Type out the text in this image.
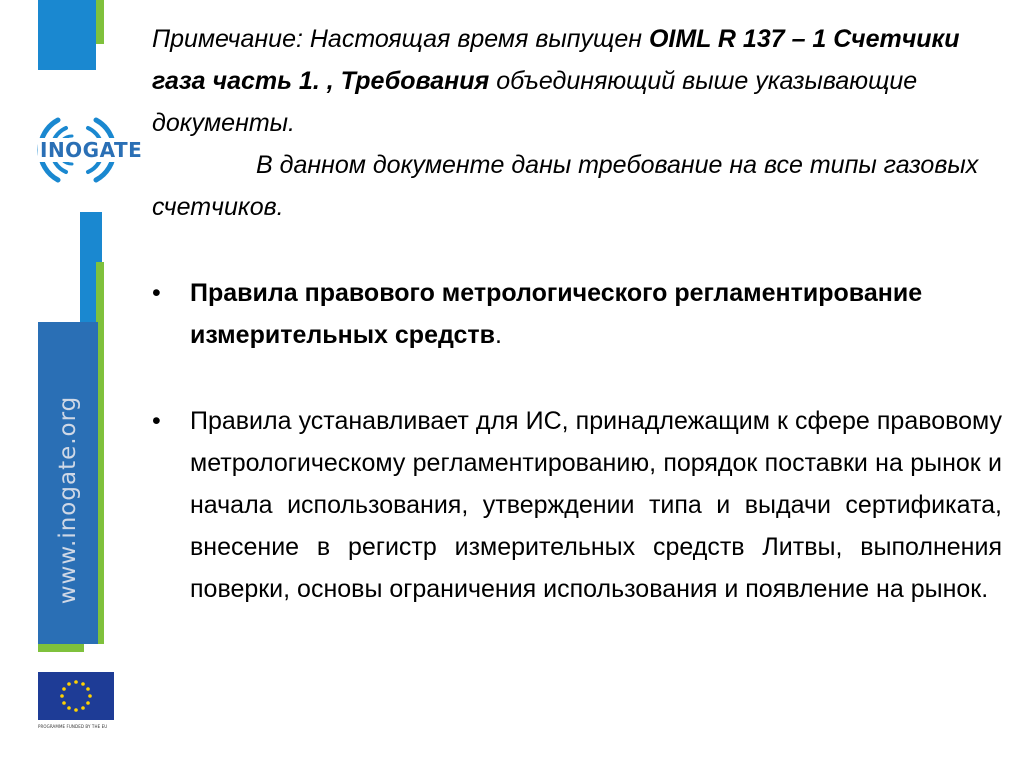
INOGATE
www.inogate.org
PROGRAMME FUNDED BY THE EU

Примечание: Настоящая время выпущен OIML R 137 – 1 Счетчики газа часть 1. , Требования объединяющий выше указывающие документы.

В данном документе даны требование на все типы газовых счетчиков.

• Правила правового метрологического регламентирование измерительных средств.
• Правила устанавливает для ИС, принадлежащим к сфере правовому метрологическому регламентированию, порядок поставки на рынок и начала использования, утверждении типа и выдачи сертификата, внесение в регистр измерительных средств Литвы, выполнения поверки, основы ограничения использования и появление на рынок.
